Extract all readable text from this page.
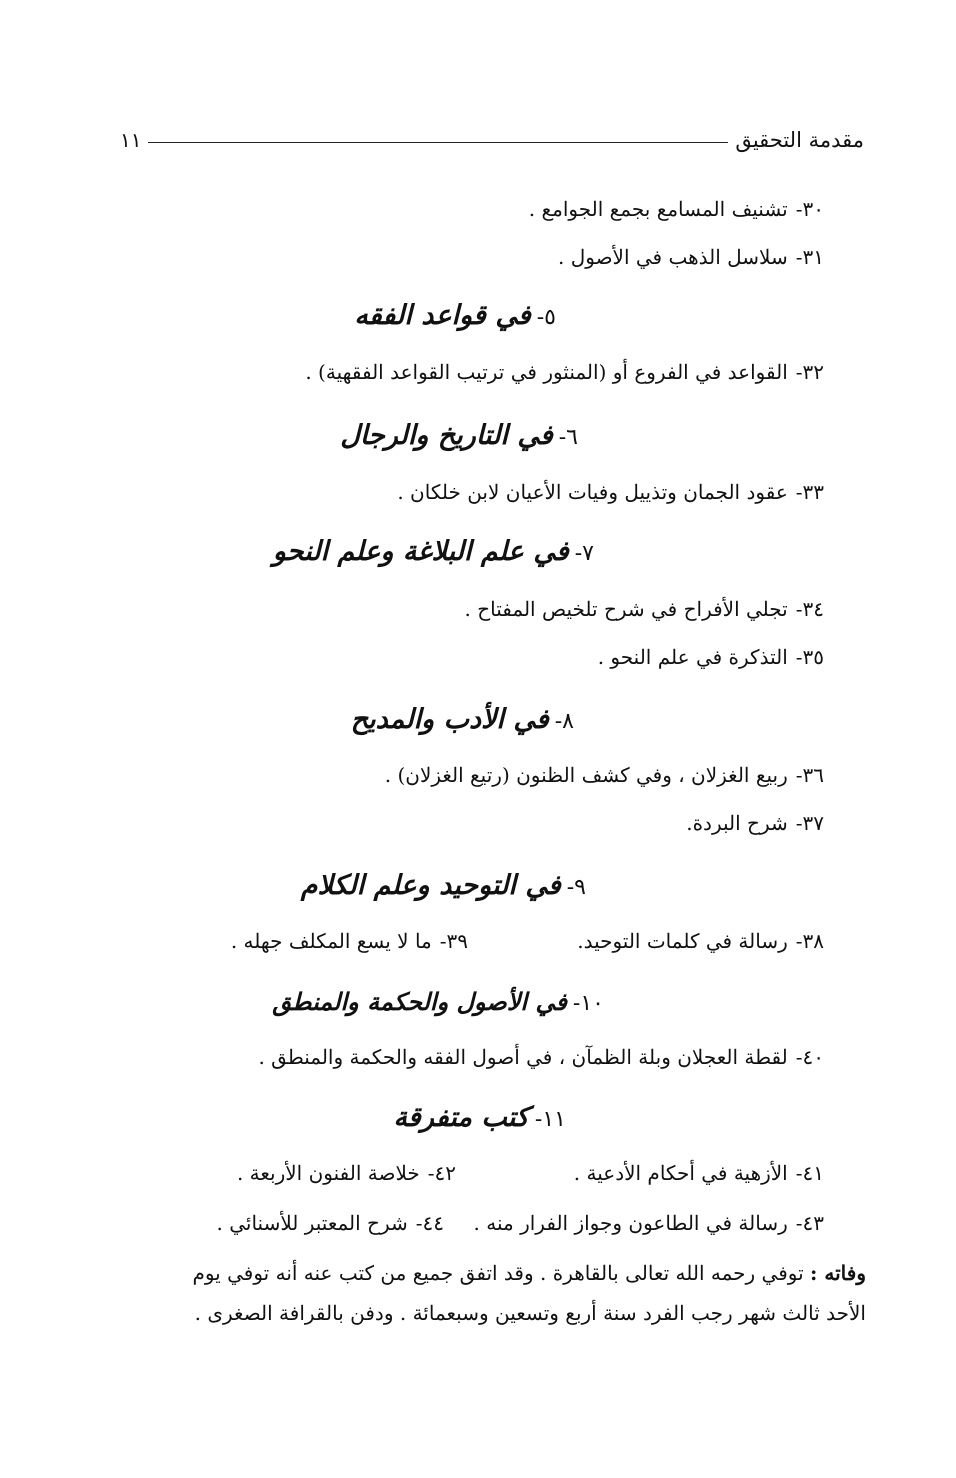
مقدمة التحقيق
١١
٣٠-تشنيف المسامع بجمع الجوامع .
٣١-سلاسل الذهب في الأصول .
٥-في قواعد الفقه
٣٢-القواعد في الفروع أو (المنثور في ترتيب القواعد الفقهية) .
٦-في التاريخ والرجال
٣٣-عقود الجمان وتذييل وفيات الأعيان لابن خلكان .
٧-في علم البلاغة وعلم النحو
٣٤-تجلي الأفراح في شرح تلخيص المفتاح .
٣٥-التذكرة في علم النحو .
٨-في الأدب والمديح
٣٦-ربيع الغزلان ، وفي كشف الظنون (رتيع الغزلان) .
٣٧-شرح البردة.
٩-في التوحيد وعلم الكلام
٣٨-رسالة في كلمات التوحيد.
٣٩-ما لا يسع المكلف جهله .
١٠-في الأصول والحكمة والمنطق
٤٠-لقطة العجلان وبلة الظمآن ، في أصول الفقه والحكمة والمنطق .
١١-كتب متفرقة
٤١-الأزهية في أحكام الأدعية .
٤٢-خلاصة الفنون الأربعة .
٤٣-رسالة في الطاعون وجواز الفرار منه .
٤٤-شرح المعتبر للأسنائي .
وفاته : توفي رحمه الله تعالى بالقاهرة . وقد اتفق جميع من كتب عنه أنه توفي يوم
الأحد ثالث شهر رجب الفرد سنة أربع وتسعين وسبعمائة . ودفن بالقرافة الصغرى .
